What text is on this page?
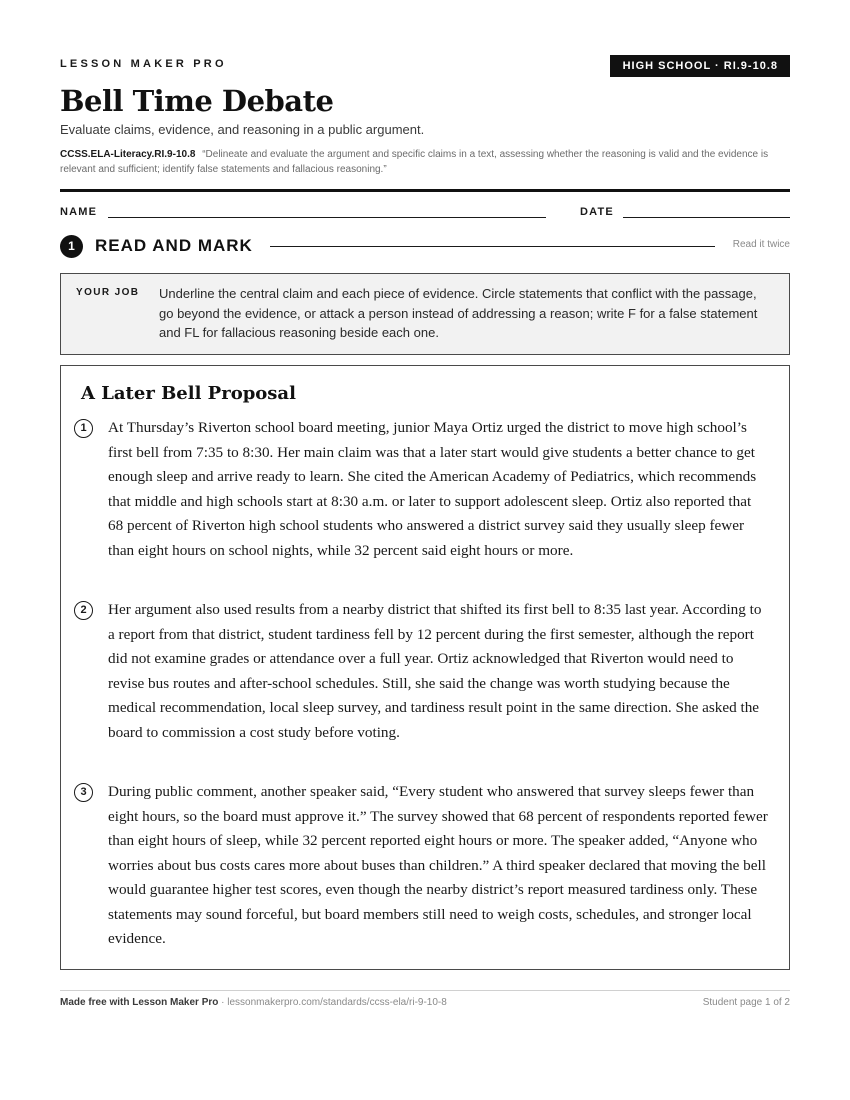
LESSON MAKER PRO	HIGH SCHOOL · RI.9-10.8
Bell Time Debate
Evaluate claims, evidence, and reasoning in a public argument.
CCSS.ELA-Literacy.RI.9-10.8 “Delineate and evaluate the argument and specific claims in a text, assessing whether the reasoning is valid and the evidence is relevant and sufficient; identify false statements and fallacious reasoning.”
NAME	DATE
1	READ AND MARK	Read it twice
YOUR JOB Underline the central claim and each piece of evidence. Circle statements that conflict with the passage, go beyond the evidence, or attack a person instead of addressing a reason; write F for a false statement and FL for fallacious reasoning beside each one.
A Later Bell Proposal

1	At Thursday’s Riverton school board meeting, junior Maya Ortiz urged the district to move high school’s first bell from 7:35 to 8:30. Her main claim was that a later start would give students a better chance to get enough sleep and arrive ready to learn. She cited the American Academy of Pediatrics, which recommends that middle and high schools start at 8:30 a.m. or later to support adolescent sleep. Ortiz also reported that 68 percent of Riverton high school students who answered a district survey said they usually sleep fewer than eight hours on school nights, while 32 percent said eight hours or more.

2	Her argument also used results from a nearby district that shifted its first bell to 8:35 last year. According to a report from that district, student tardiness fell by 12 percent during the first semester, although the report did not examine grades or attendance over a full year. Ortiz acknowledged that Riverton would need to revise bus routes and after-school schedules. Still, she said the change was worth studying because the medical recommendation, local sleep survey, and tardiness result point in the same direction. She asked the board to commission a cost study before voting.

3	During public comment, another speaker said, “Every student who answered that survey sleeps fewer than eight hours, so the board must approve it.” The survey showed that 68 percent of respondents reported fewer than eight hours of sleep, while 32 percent reported eight hours or more. The speaker added, “Anyone who worries about bus costs cares more about buses than children.” A third speaker declared that moving the bell would guarantee higher test scores, even though the nearby district’s report measured tardiness only. These statements may sound forceful, but board members still need to weigh costs, schedules, and stronger local evidence.

Made free with Lesson Maker Pro · lessonmakerpro.com/standards/ccss-ela/ri-9-10-8	Student page 1 of 2
